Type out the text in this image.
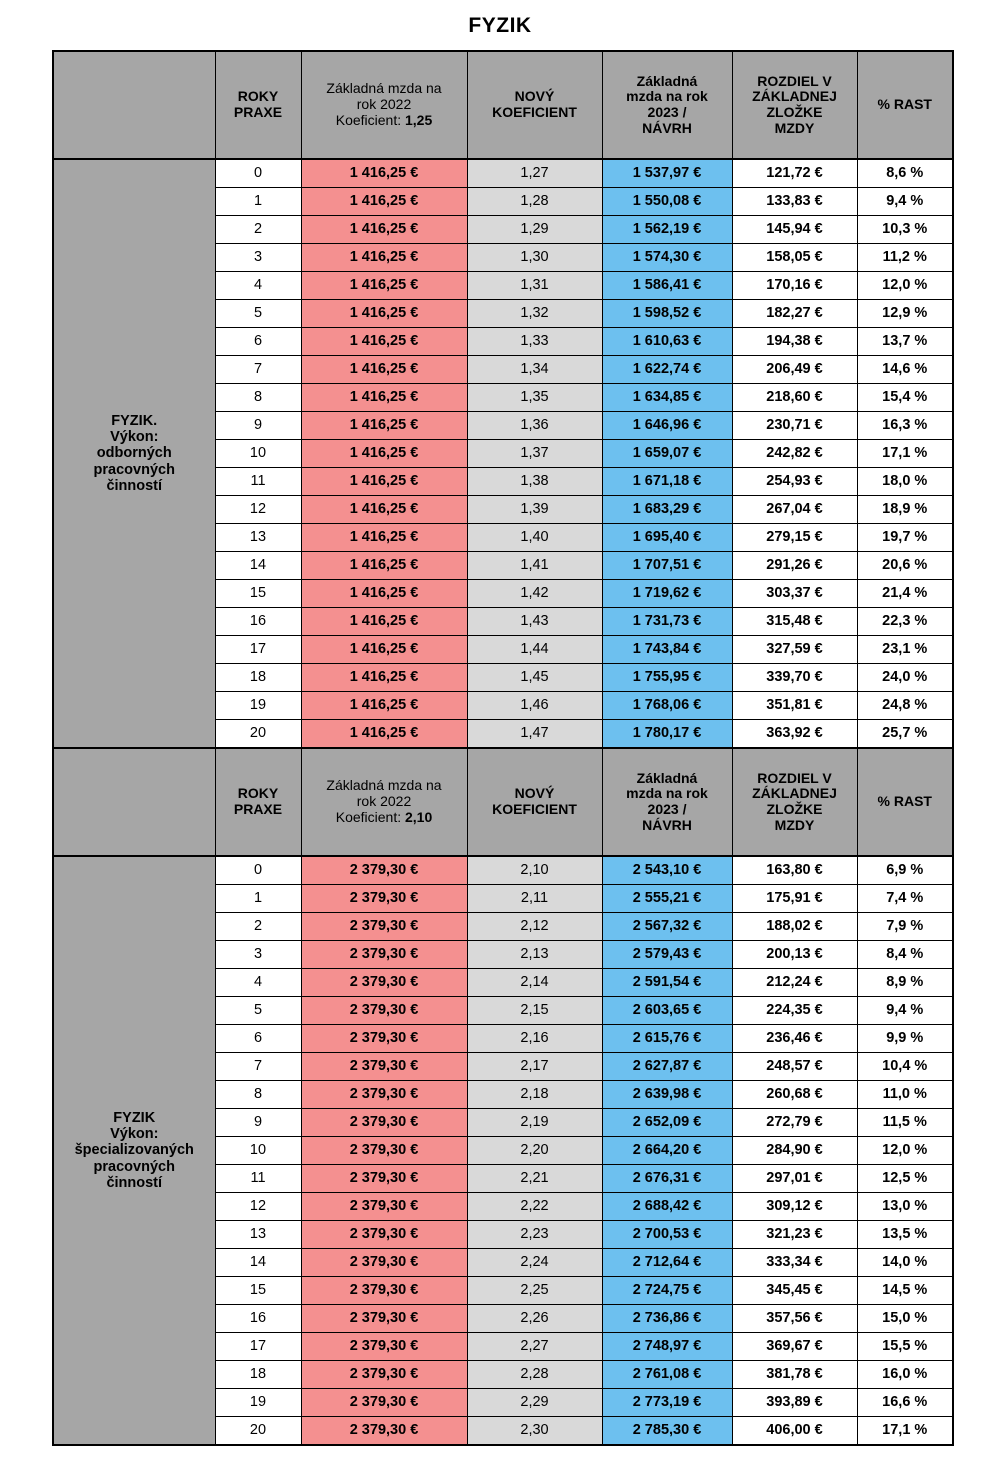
FYZIK
	ROKY
PRAXE	Základná mzda na
rok 2022
Koeficient: 1,25	NOVÝ
KOEFICIENT	Základná
mzda na rok
2023 /
NÁVRH	ROZDIEL V
ZÁKLADNEJ
ZLOŽKE
MZDY	% RAST

FYZIK.
Výkon:
odborných
pracovných
činností	0	1 416,25 €	1,27	1 537,97 €	121,72 €	8,6 %
	1	1 416,25 €	1,28	1 550,08 €	133,83 €	9,4 %
	2	1 416,25 €	1,29	1 562,19 €	145,94 €	10,3 %
	3	1 416,25 €	1,30	1 574,30 €	158,05 €	11,2 %
	4	1 416,25 €	1,31	1 586,41 €	170,16 €	12,0 %
	5	1 416,25 €	1,32	1 598,52 €	182,27 €	12,9 %
	6	1 416,25 €	1,33	1 610,63 €	194,38 €	13,7 %
	7	1 416,25 €	1,34	1 622,74 €	206,49 €	14,6 %
	8	1 416,25 €	1,35	1 634,85 €	218,60 €	15,4 %
	9	1 416,25 €	1,36	1 646,96 €	230,71 €	16,3 %
	10	1 416,25 €	1,37	1 659,07 €	242,82 €	17,1 %
	11	1 416,25 €	1,38	1 671,18 €	254,93 €	18,0 %
	12	1 416,25 €	1,39	1 683,29 €	267,04 €	18,9 %
	13	1 416,25 €	1,40	1 695,40 €	279,15 €	19,7 %
	14	1 416,25 €	1,41	1 707,51 €	291,26 €	20,6 %
	15	1 416,25 €	1,42	1 719,62 €	303,37 €	21,4 %
	16	1 416,25 €	1,43	1 731,73 €	315,48 €	22,3 %
	17	1 416,25 €	1,44	1 743,84 €	327,59 €	23,1 %
	18	1 416,25 €	1,45	1 755,95 €	339,70 €	24,0 %
	19	1 416,25 €	1,46	1 768,06 €	351,81 €	24,8 %
	20	1 416,25 €	1,47	1 780,17 €	363,92 €	25,7 %
	ROKY
PRAXE	Základná mzda na
rok 2022
Koeficient: 2,10	NOVÝ
KOEFICIENT	Základná
mzda na rok
2023 /
NÁVRH	ROZDIEL V
ZÁKLADNEJ
ZLOŽKE
MZDY	% RAST

FYZIK
Výkon:
špecializovaných
pracovných
činností	0	2 379,30 €	2,10	2 543,10 €	163,80 €	6,9 %
	1	2 379,30 €	2,11	2 555,21 €	175,91 €	7,4 %
	2	2 379,30 €	2,12	2 567,32 €	188,02 €	7,9 %
	3	2 379,30 €	2,13	2 579,43 €	200,13 €	8,4 %
	4	2 379,30 €	2,14	2 591,54 €	212,24 €	8,9 %
	5	2 379,30 €	2,15	2 603,65 €	224,35 €	9,4 %
	6	2 379,30 €	2,16	2 615,76 €	236,46 €	9,9 %
	7	2 379,30 €	2,17	2 627,87 €	248,57 €	10,4 %
	8	2 379,30 €	2,18	2 639,98 €	260,68 €	11,0 %
	9	2 379,30 €	2,19	2 652,09 €	272,79 €	11,5 %
	10	2 379,30 €	2,20	2 664,20 €	284,90 €	12,0 %
	11	2 379,30 €	2,21	2 676,31 €	297,01 €	12,5 %
	12	2 379,30 €	2,22	2 688,42 €	309,12 €	13,0 %
	13	2 379,30 €	2,23	2 700,53 €	321,23 €	13,5 %
	14	2 379,30 €	2,24	2 712,64 €	333,34 €	14,0 %
	15	2 379,30 €	2,25	2 724,75 €	345,45 €	14,5 %
	16	2 379,30 €	2,26	2 736,86 €	357,56 €	15,0 %
	17	2 379,30 €	2,27	2 748,97 €	369,67 €	15,5 %
	18	2 379,30 €	2,28	2 761,08 €	381,78 €	16,0 %
	19	2 379,30 €	2,29	2 773,19 €	393,89 €	16,6 %
	20	2 379,30 €	2,30	2 785,30 €	406,00 €	17,1 %
